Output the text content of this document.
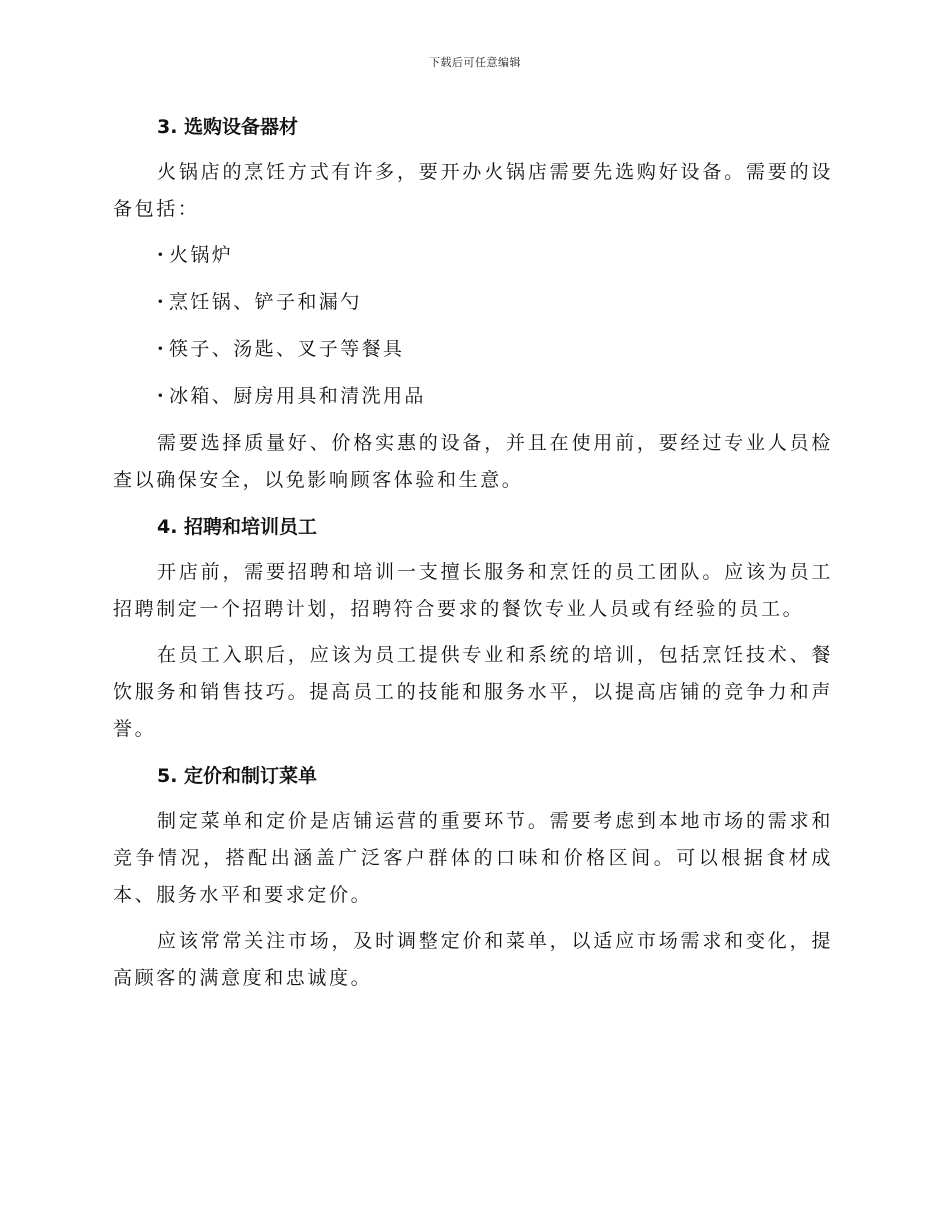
下载后可任意编辑
3. 选购设备器材

火锅店的烹饪方式有许多，要开办火锅店需要先选购好设备。需要的设备包括：

· 火锅炉
· 烹饪锅、铲子和漏勺
· 筷子、汤匙、叉子等餐具
· 冰箱、厨房用具和清洗用品

需要选择质量好、价格实惠的设备，并且在使用前，要经过专业人员检查以确保安全，以免影响顾客体验和生意。

4. 招聘和培训员工

开店前，需要招聘和培训一支擅长服务和烹饪的员工团队。应该为员工招聘制定一个招聘计划，招聘符合要求的餐饮专业人员或有经验的员工。

在员工入职后，应该为员工提供专业和系统的培训，包括烹饪技术、餐饮服务和销售技巧。提高员工的技能和服务水平，以提高店铺的竞争力和声誉。

5. 定价和制订菜单

制定菜单和定价是店铺运营的重要环节。需要考虑到本地市场的需求和竞争情况，搭配出涵盖广泛客户群体的口味和价格区间。可以根据食材成本、服务水平和要求定价。

应该常常关注市场，及时调整定价和菜单，以适应市场需求和变化，提高顾客的满意度和忠诚度。
